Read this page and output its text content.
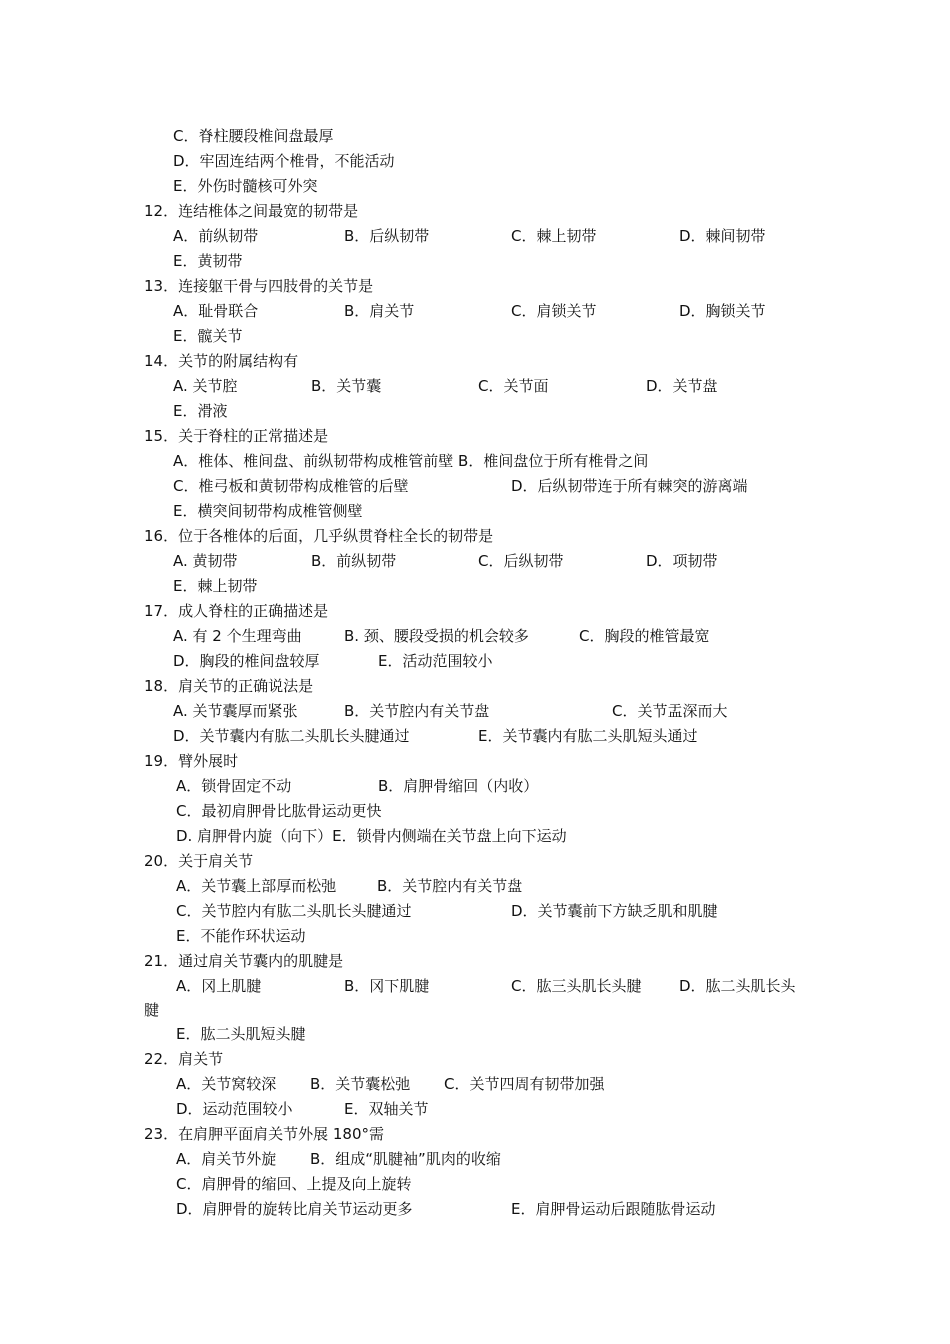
C．脊柱腰段椎间盘最厚
D．牢固连结两个椎骨，不能活动
E．外伤时髓核可外突
12．连结椎体之间最宽的韧带是
A．前纵韧带	B．后纵韧带	C．棘上韧带	D．棘间韧带
E．黄韧带
13．连接躯干骨与四肢骨的关节是
A．耻骨联合	B．肩关节	C．肩锁关节	D．胸锁关节
E．髋关节
14．关节的附属结构有
A. 关节腔	B．关节囊	C．关节面	D．关节盘
E．滑液
15．关于脊柱的正常描述是
A．椎体、椎间盘、前纵韧带构成椎管前壁 B．椎间盘位于所有椎骨之间
C．椎弓板和黄韧带构成椎管的后壁	D．后纵韧带连于所有棘突的游离端
E．横突间韧带构成椎管侧壁
16．位于各椎体的后面，几乎纵贯脊柱全长的韧带是
A. 黄韧带	B．前纵韧带	C．后纵韧带	D．项韧带
E．棘上韧带
17．成人脊柱的正确描述是
A. 有 2 个生理弯曲	B. 颈、腰段受损的机会较多	C．胸段的椎管最宽
D．胸段的椎间盘较厚	E．活动范围较小
18．肩关节的正确说法是
A. 关节囊厚而紧张	B．关节腔内有关节盘	C．关节盂深而大
D．关节囊内有肱二头肌长头腱通过	E．关节囊内有肱二头肌短头通过
19．臂外展时
A．锁骨固定不动	B．肩胛骨缩回（内收）
C．最初肩胛骨比肱骨运动更快
D. 肩胛骨内旋（向下）E．锁骨内侧端在关节盘上向下运动
20．关于肩关节
A．关节囊上部厚而松弛	B．关节腔内有关节盘
C．关节腔内有肱二头肌长头腱通过	D．关节囊前下方缺乏肌和肌腱
E．不能作环状运动
21．通过肩关节囊内的肌腱是
A．冈上肌腱	B．冈下肌腱	C．肱三头肌长头腱	D．肱二头肌长头
腱
E．肱二头肌短头腱
22．肩关节
A．关节窝较深 B．关节囊松弛 C．关节四周有韧带加强
D．运动范围较小	E．双轴关节
23．在肩胛平面肩关节外展 180°需
A．肩关节外旋 B．组成“肌腱袖”肌肉的收缩
C．肩胛骨的缩回、上提及向上旋转
D．肩胛骨的旋转比肩关节运动更多	E．肩胛骨运动后跟随肱骨运动
